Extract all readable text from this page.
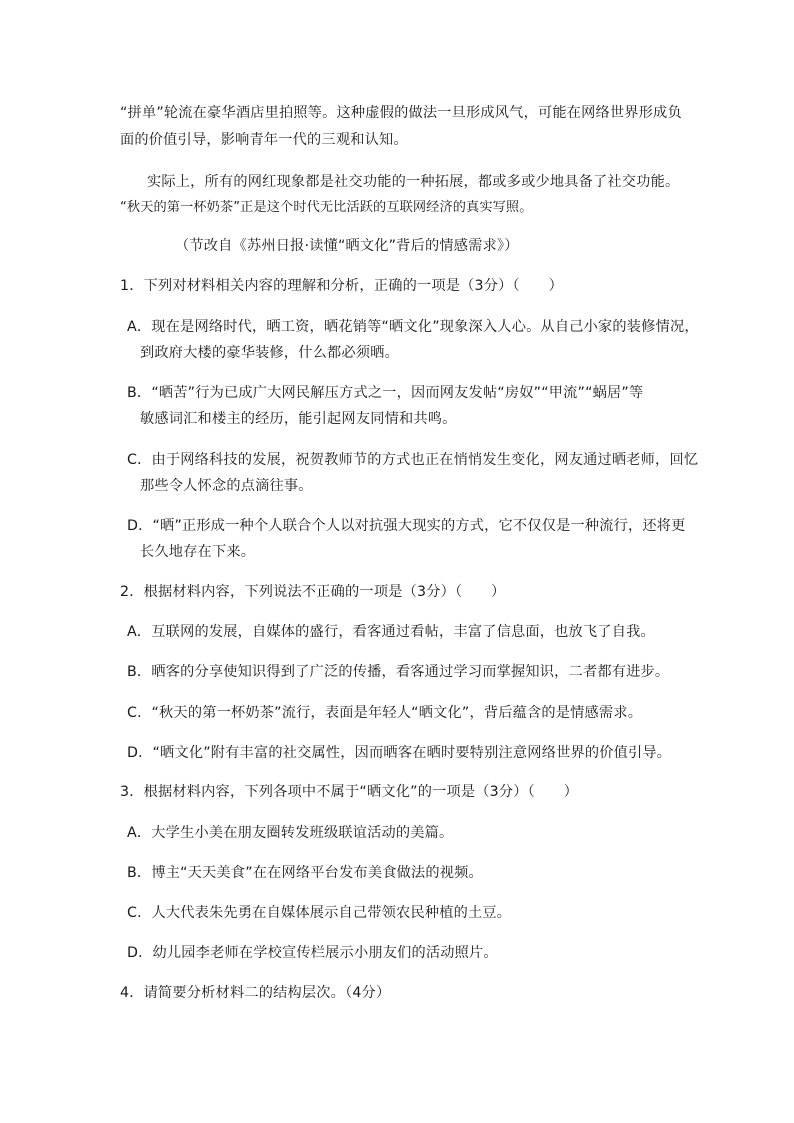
“拼单”轮流在豪华酒店里拍照等。这种虚假的做法一旦形成风气，可能在网络世界形成负
面的价值引导，影响青年一代的三观和认知。
实际上，所有的网红现象都是社交功能的一种拓展，都或多或少地具备了社交功能。
“秋天的第一杯奶茶”正是这个时代无比活跃的互联网经济的真实写照。
（节改自《苏州日报·读懂“晒文化”背后的情感需求》）
1．下列对材料相关内容的理解和分析，正确的一项是（3分）（　　）
A．现在是网络时代，晒工资，晒花销等“晒文化”现象深入人心。从自己小家的装修情况，
到政府大楼的豪华装修，什么都必须晒。
B．“晒苦”行为已成广大网民解压方式之一，因而网友发帖“房奴”“甲流”“蜗居”等
敏感词汇和楼主的经历，能引起网友同情和共鸣。
C．由于网络科技的发展，祝贺教师节的方式也正在悄悄发生变化，网友通过晒老师，回忆
那些令人怀念的点滴往事。
D．“晒”正形成一种个人联合个人以对抗强大现实的方式，它不仅仅是一种流行，还将更
长久地存在下来。
2．根据材料内容，下列说法不正确的一项是（3分）（　　）
A．互联网的发展，自媒体的盛行，看客通过看帖，丰富了信息面，也放飞了自我。
B．晒客的分享使知识得到了广泛的传播，看客通过学习而掌握知识，二者都有进步。
C．“秋天的第一杯奶茶”流行，表面是年轻人“晒文化”，背后蕴含的是情感需求。
D．“晒文化”附有丰富的社交属性，因而晒客在晒时要特别注意网络世界的价值引导。
3．根据材料内容，下列各项中不属于“晒文化”的一项是（3分）（　　）
A．大学生小美在朋友圈转发班级联谊活动的美篇。
B．博主“天天美食”在在网络平台发布美食做法的视频。
C．人大代表朱先勇在自媒体展示自己带领农民种植的土豆。
D．幼儿园李老师在学校宣传栏展示小朋友们的活动照片。
4．请简要分析材料二的结构层次。（4分）
